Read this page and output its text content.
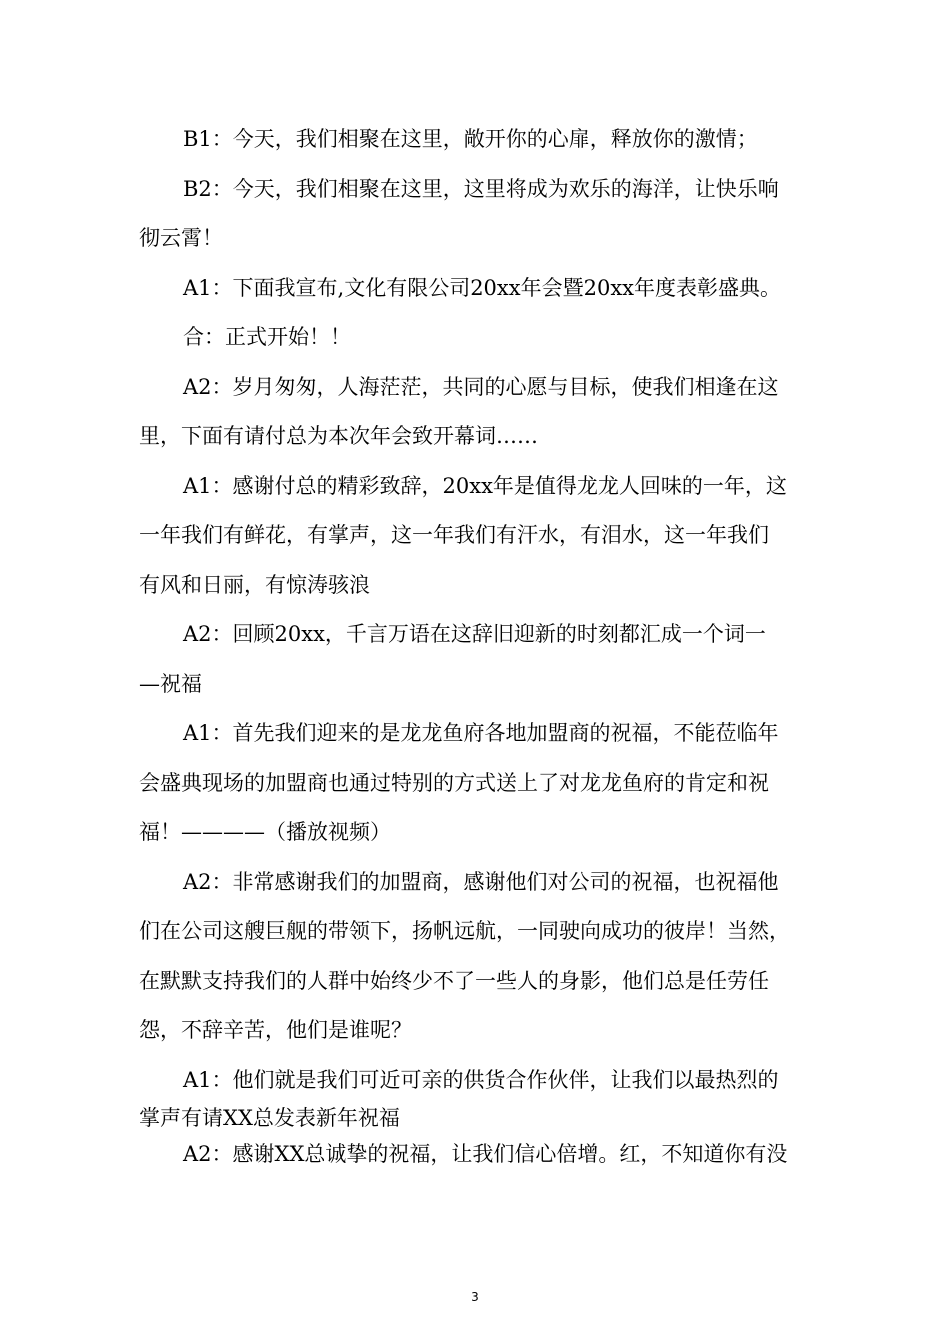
B1：今天，我们相聚在这里，敞开你的心扉，释放你的激情；
B2：今天，我们相聚在这里，这里将成为欢乐的海洋，让快乐响
彻云霄！
A1：下面我宣布,文化有限公司20xx年会暨20xx年度表彰盛典。
合：正式开始！！
A2：岁月匆匆，人海茫茫，共同的心愿与目标，使我们相逢在这
里，下面有请付总为本次年会致开幕词……
A1：感谢付总的精彩致辞，20xx年是值得龙龙人回味的一年，这
一年我们有鲜花，有掌声，这一年我们有汗水，有泪水，这一年我们
有风和日丽，有惊涛骇浪
A2：回顾20xx，千言万语在这辞旧迎新的时刻都汇成一个词一
—祝福
A1：首先我们迎来的是龙龙鱼府各地加盟商的祝福，不能莅临年
会盛典现场的加盟商也通过特别的方式送上了对龙龙鱼府的肯定和祝
福！————（播放视频）
A2：非常感谢我们的加盟商，感谢他们对公司的祝福，也祝福他
们在公司这艘巨舰的带领下，扬帆远航，一同驶向成功的彼岸！当然，
在默默支持我们的人群中始终少不了一些人的身影，他们总是任劳任
怨，不辞辛苦，他们是谁呢？
A1：他们就是我们可近可亲的供货合作伙伴，让我们以最热烈的
掌声有请XX总发表新年祝福
A2：感谢XX总诚挚的祝福，让我们信心倍增。红，不知道你有没
3
